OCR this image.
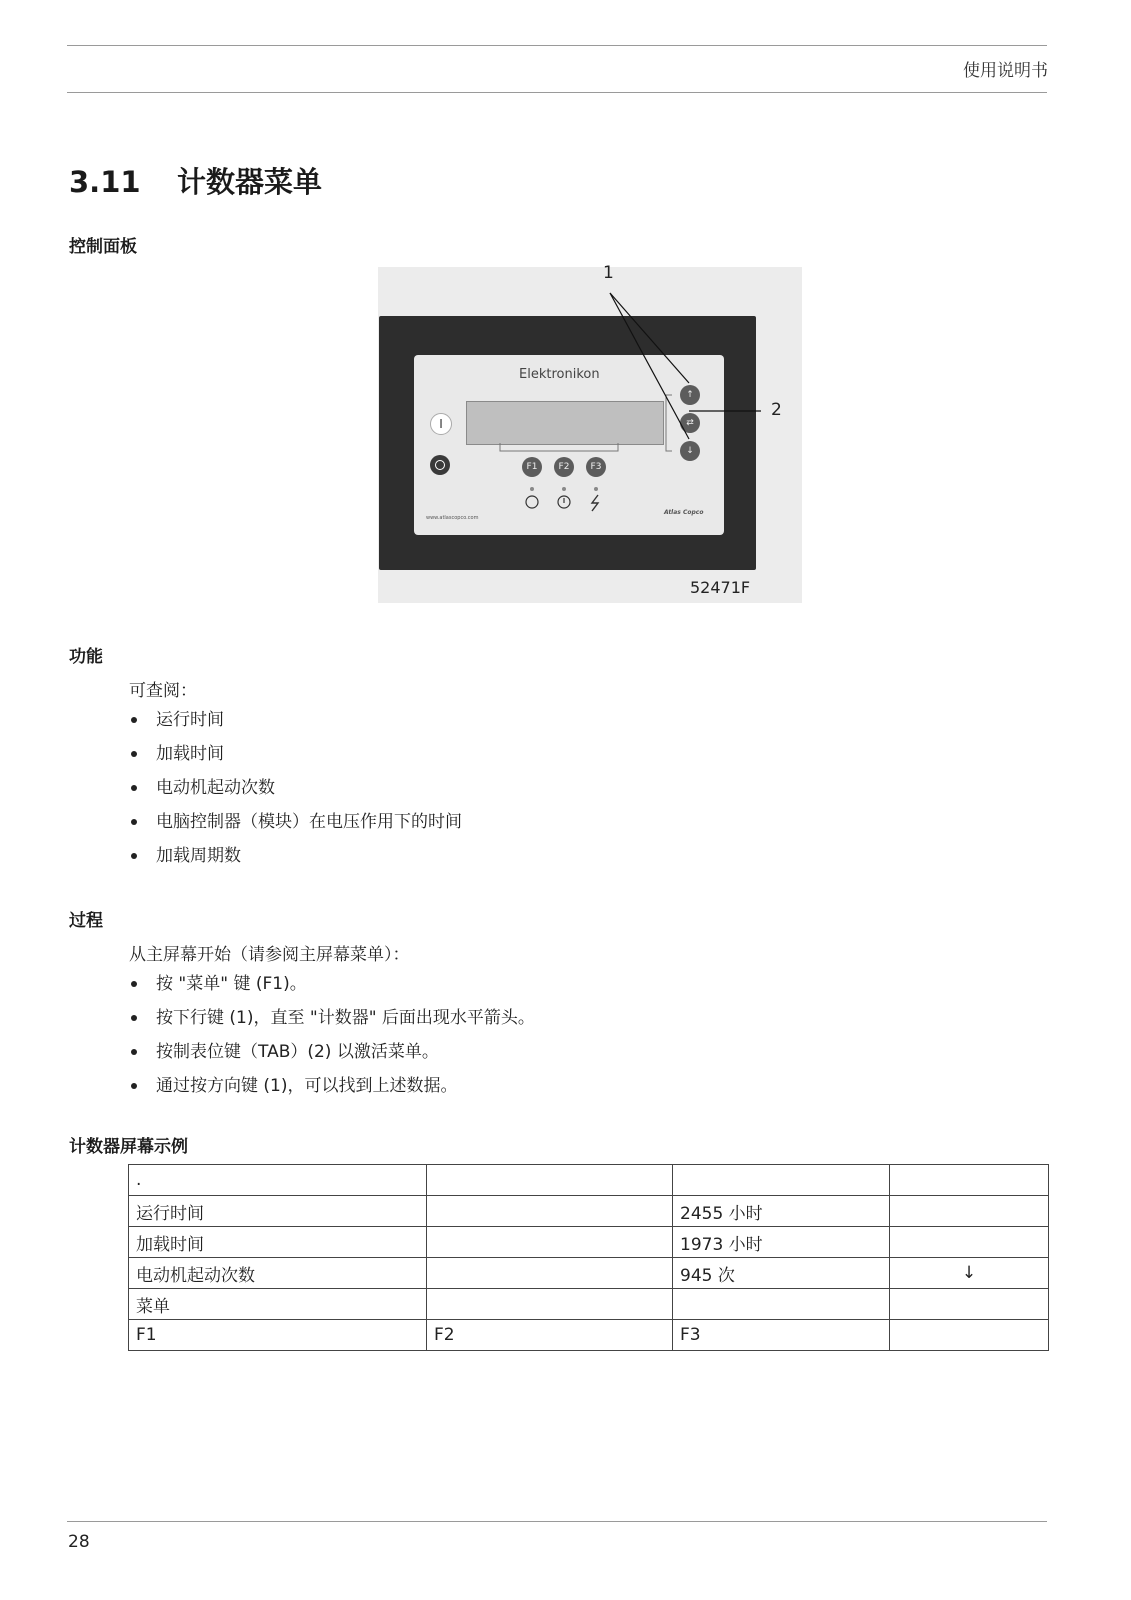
使用说明书
3.11 计数器菜单
控制面板
Elektronikon
I
F1	F2	F3
↑
⇄
↓
www.atlascopco.com
Atlas Copco
1
2
52471F
功能
可查阅：
运行时间
加载时间
电动机起动次数
电脑控制器（模块）在电压作用下的时间
加载周期数
过程
从主屏幕开始（请参阅主屏幕菜单）：
按 "菜单" 键 (F1)。
按下行键 (1)，直至 "计数器" 后面出现水平箭头。
按制表位键（TAB）(2) 以激活菜单。
通过按方向键 (1)，可以找到上述数据。
计数器屏幕示例
.			
运行时间		2455 小时	
加载时间		1973 小时	
电动机起动次数		945 次	↓
菜单			
F1	F2	F3	
28
